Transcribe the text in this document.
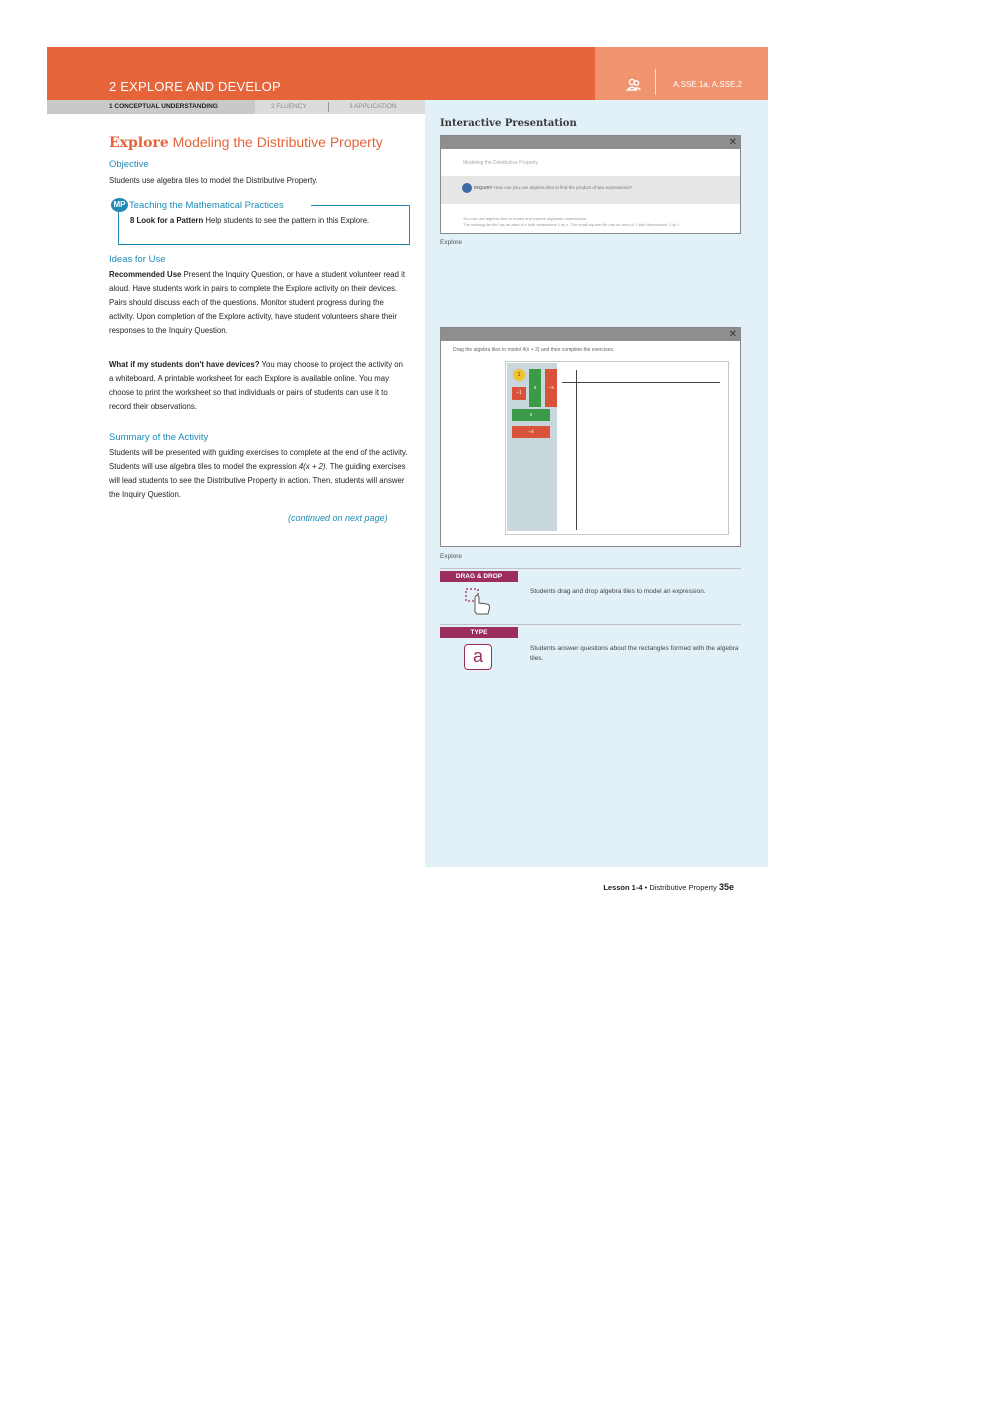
2 EXPLORE AND DEVELOP	A.SSE.1a, A.SSE.2
1 CONCEPTUAL UNDERSTANDING	2 FLUENCY	3 APPLICATION
Explore Modeling the Distributive Property
Objective
Students use algebra tiles to model the Distributive Property.
MP Teaching the Mathematical Practices
8 Look for a Pattern Help students to see the pattern in this Explore.
Ideas for Use
Recommended Use Present the Inquiry Question, or have a student volunteer read it aloud. Have students work in pairs to complete the Explore activity on their devices. Pairs should discuss each of the questions. Monitor student progress during the activity. Upon completion of the Explore activity, have student volunteers share their responses to the Inquiry Question.
What if my students don't have devices? You may choose to project the activity on a whiteboard. A printable worksheet for each Explore is available online. You may choose to print the worksheet so that individuals or pairs of students can use it to record their observations.
Summary of the Activity
Students will be presented with guiding exercises to complete at the end of the activity. Students will use algebra tiles to model the expression 4(x + 2). The guiding exercises will lead students to see the Distributive Property in action. Then, students will answer the Inquiry Question.
(continued on next page)
Interactive Presentation
✕
Modeling the Distributive Property
INQUIRY How can you use algebra tiles to find the product of two expressions?
You can use algebra tiles to model and explore algebraic expressions.
The rectangular tile has an area of x with dimensions 1 by x. The small square tile has an area of 1 with dimensions 1 by 1.
Explore
✕
Drag the algebra tiles to model 4(x + 2) and then complete the exercises.
1
−1
x	−x
x
−x
Explore
DRAG & DROP
Students drag and drop algebra tiles to model an expression.
TYPE
a	Students answer questions about the rectangles formed with the algebra tiles.
Lesson 1-4 • Distributive Property 35e
